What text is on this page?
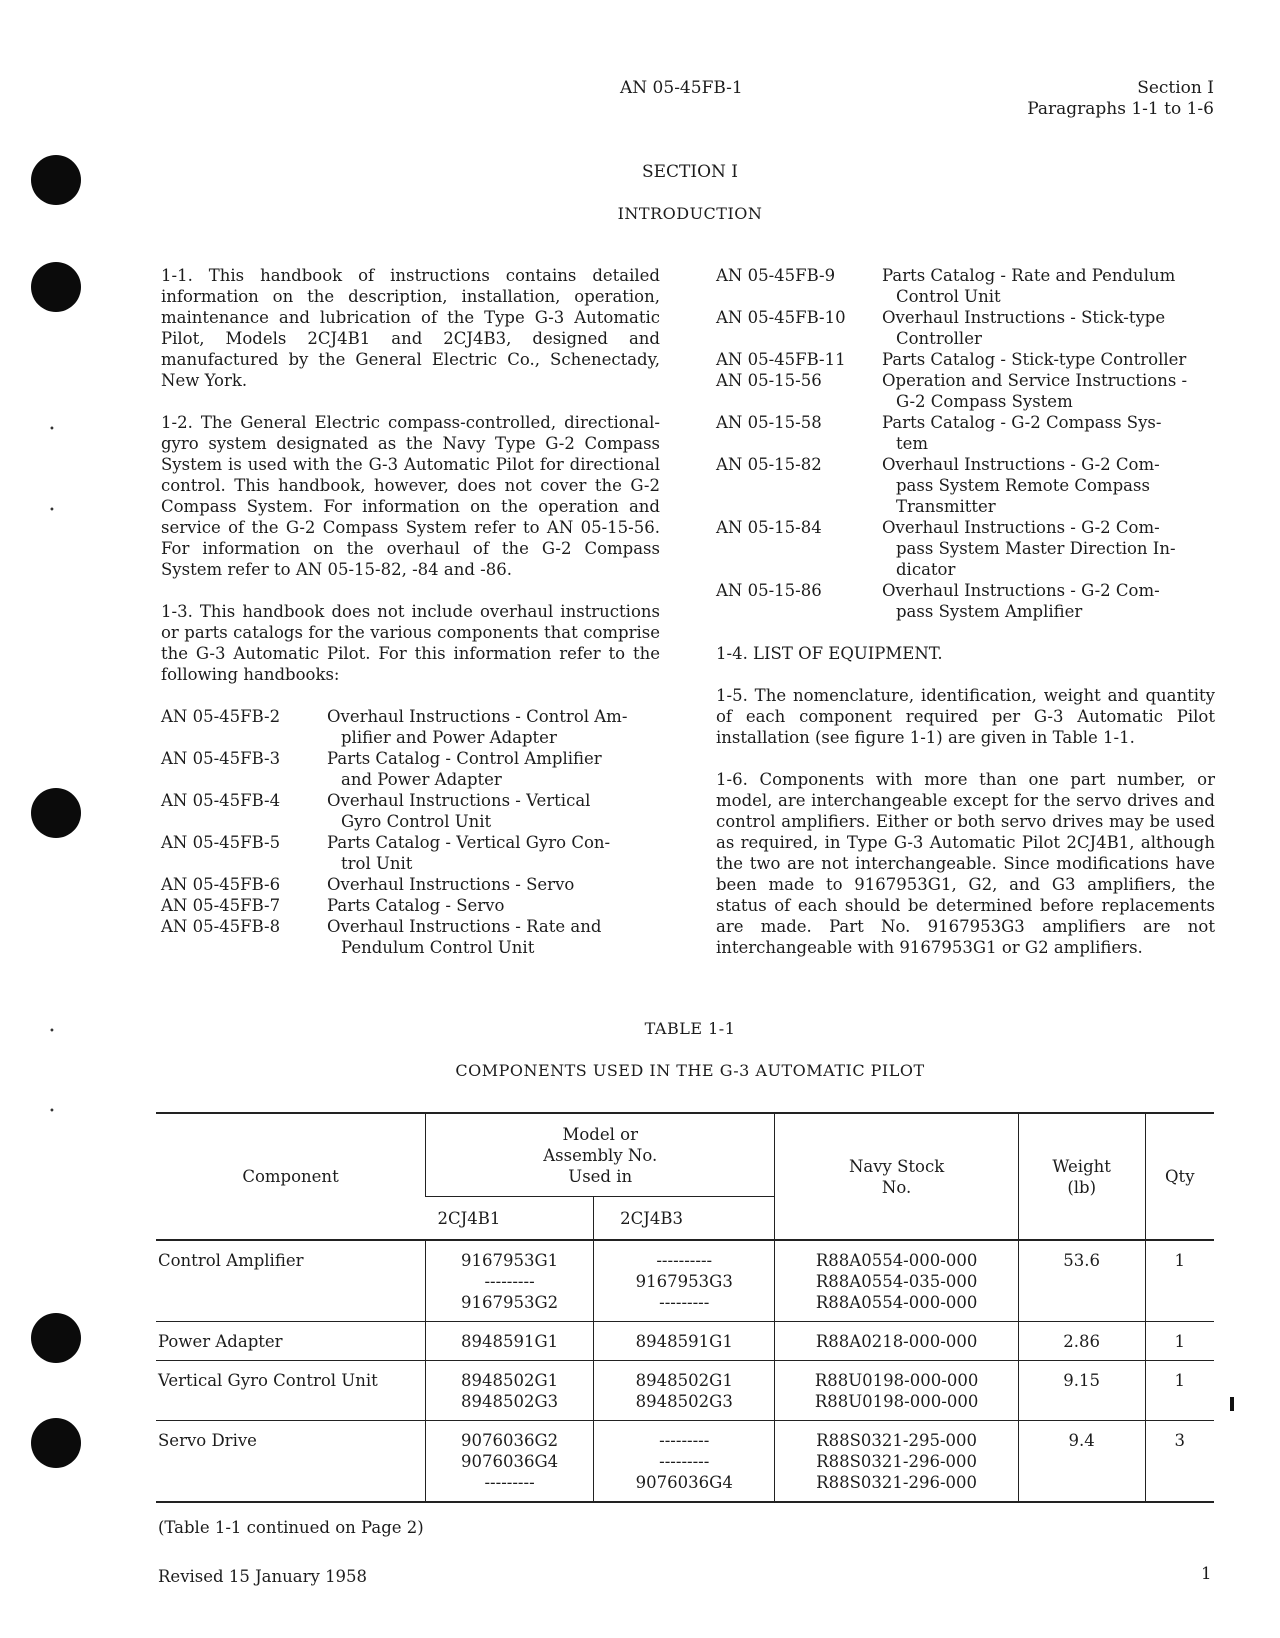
•
•
•
•
AN 05-45FB-1	Section I
Paragraphs 1-1 to 1-6
SECTION I
INTRODUCTION

1-1. This handbook of instructions contains detailed information on the description, installation, operation, maintenance and lubrication of the Type G-3 Automatic Pilot, Models 2CJ4B1 and 2CJ4B3, designed and manufactured by the General Electric Co., Schenectady, New York.

1-2. The General Electric compass-controlled, directional-gyro system designated as the Navy Type G-2 Compass System is used with the G-3 Automatic Pilot for directional control. This handbook, however, does not cover the G-2 Compass System. For information on the operation and service of the G-2 Compass System refer to AN 05-15-56. For information on the overhaul of the G-2 Compass System refer to AN 05-15-82, -84 and -86.

1-3. This handbook does not include overhaul instructions or parts catalogs for the various components that comprise the G-3 Automatic Pilot. For this information refer to the following handbooks:

AN 05-45FB-2	Overhaul Instructions - Control Am-
plifier and Power Adapter
AN 05-45FB-3	Parts Catalog - Control Amplifier
and Power Adapter
AN 05-45FB-4	Overhaul Instructions - Vertical
Gyro Control Unit
AN 05-45FB-5	Parts Catalog - Vertical Gyro Con-
trol Unit
AN 05-45FB-6	Overhaul Instructions - Servo
AN 05-45FB-7	Parts Catalog - Servo
AN 05-45FB-8	Overhaul Instructions - Rate and
Pendulum Control Unit
AN 05-45FB-9	Parts Catalog - Rate and Pendulum
Control Unit
AN 05-45FB-10	Overhaul Instructions - Stick-type
Controller
AN 05-45FB-11	Parts Catalog - Stick-type Controller
AN 05-15-56	Operation and Service Instructions -
G-2 Compass System
AN 05-15-58	Parts Catalog - G-2 Compass Sys-
tem
AN 05-15-82	Overhaul Instructions - G-2 Com-
pass System Remote Compass
Transmitter
AN 05-15-84	Overhaul Instructions - G-2 Com-
pass System Master Direction In-
dicator
AN 05-15-86	Overhaul Instructions - G-2 Com-
pass System Amplifier

1-4. LIST OF EQUIPMENT.

1-5. The nomenclature, identification, weight and quantity of each component required per G-3 Automatic Pilot installation (see figure 1-1) are given in Table 1-1.

1-6. Components with more than one part number, or model, are interchangeable except for the servo drives and control amplifiers. Either or both servo drives may be used as required, in Type G-3 Automatic Pilot 2CJ4B1, although the two are not interchangeable. Since modifications have been made to 9167953G1, G2, and G3 amplifiers, the status of each should be determined before replacements are made. Part No. 9167953G3 amplifiers are not interchangeable with 9167953G1 or G2 amplifiers.

TABLE 1-1
COMPONENTS USED IN THE G-3 AUTOMATIC PILOT
Component	Model or
Assembly No.
Used in		Navy Stock
No.	Weight
(lb)	Qty
	2CJ4B1	2CJ4B3			
Control Amplifier	9167953G1
---------
9167953G2	----------
9167953G3
---------	R88A0554-000-000
R88A0554-035-000
R88A0554-000-000	53.6	1
Power Adapter	8948591G1	8948591G1	R88A0218-000-000	2.86	1
Vertical Gyro Control Unit	8948502G1
8948502G3	8948502G1
8948502G3	R88U0198-000-000
R88U0198-000-000	9.15	1
Servo Drive	9076036G2
9076036G4
---------	---------
---------
9076036G4	R88S0321-295-000
R88S0321-296-000
R88S0321-296-000	9.4	3
(Table 1-1 continued on Page 2)
Revised 15 January 1958	1
